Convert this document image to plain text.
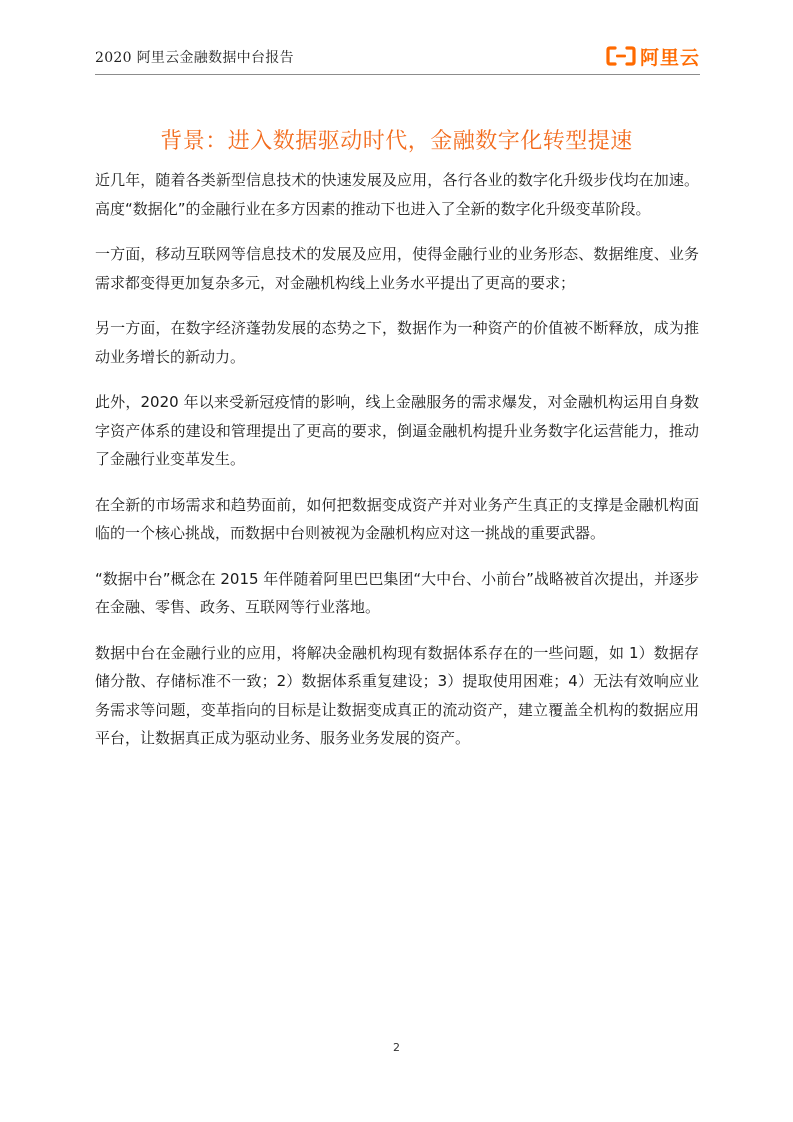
2020 阿里云金融数据中台报告	阿里云
背景：进入数据驱动时代，金融数字化转型提速

近几年，随着各类新型信息技术的快速发展及应用，各行各业的数字化升级步伐均在加速。高度“数据化”的金融行业在多方因素的推动下也进入了全新的数字化升级变革阶段。

一方面，移动互联网等信息技术的发展及应用，使得金融行业的业务形态、数据维度、业务需求都变得更加复杂多元，对金融机构线上业务水平提出了更高的要求；

另一方面，在数字经济蓬勃发展的态势之下，数据作为一种资产的价值被不断释放，成为推动业务增长的新动力。

此外，2020 年以来受新冠疫情的影响，线上金融服务的需求爆发，对金融机构运用自身数字资产体系的建设和管理提出了更高的要求，倒逼金融机构提升业务数字化运营能力，推动了金融行业变革发生。

在全新的市场需求和趋势面前，如何把数据变成资产并对业务产生真正的支撑是金融机构面临的一个核心挑战，而数据中台则被视为金融机构应对这一挑战的重要武器。

“数据中台”概念在 2015 年伴随着阿里巴巴集团“大中台、小前台”战略被首次提出，并逐步在金融、零售、政务、互联网等行业落地。

数据中台在金融行业的应用，将解决金融机构现有数据体系存在的一些问题，如 1）数据存储分散、存储标准不一致；2）数据体系重复建设；3）提取使用困难；4）无法有效响应业务需求等问题，变革指向的目标是让数据变成真正的流动资产，建立覆盖全机构的数据应用平台，让数据真正成为驱动业务、服务业务发展的资产。

2
